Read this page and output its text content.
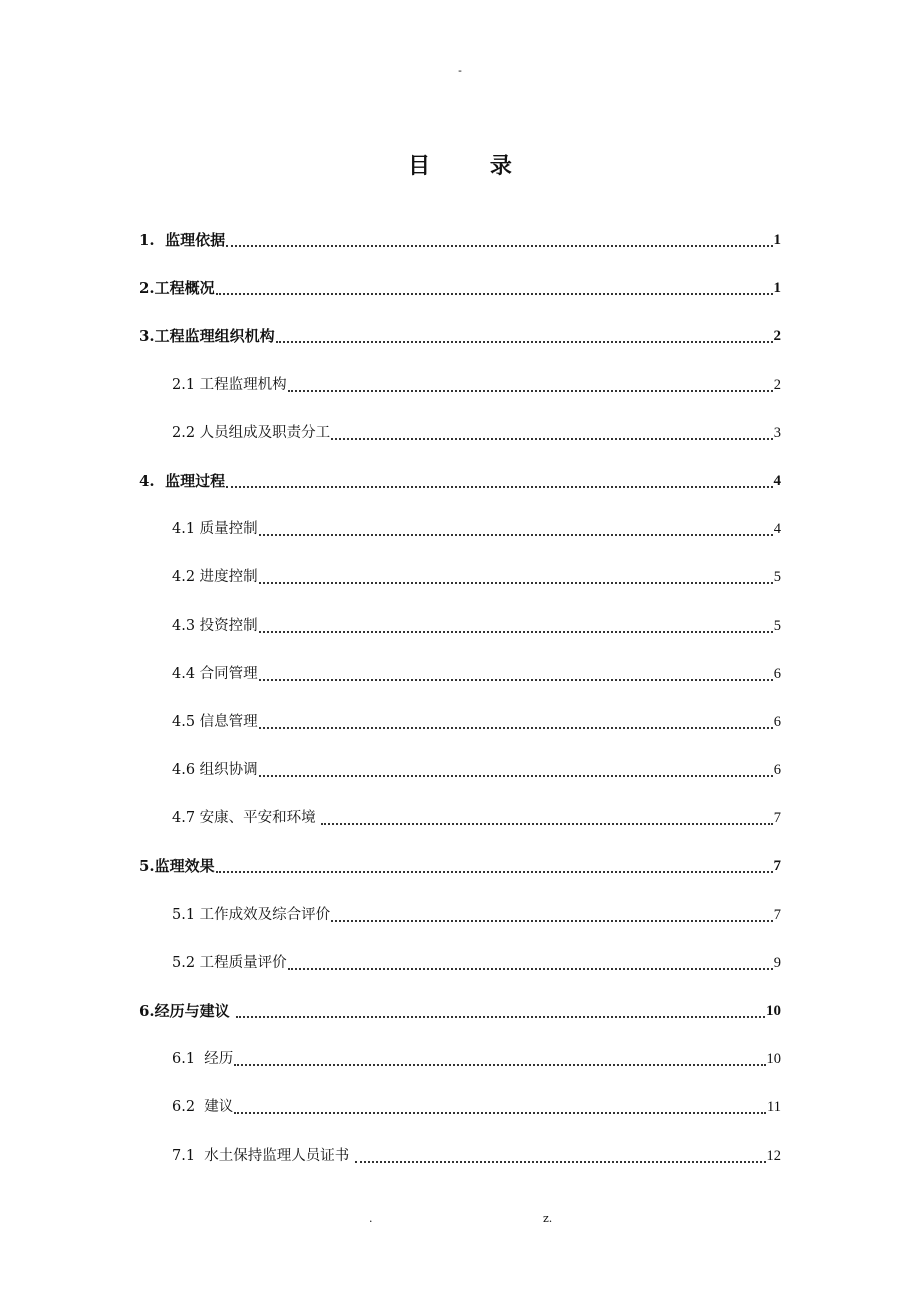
-
目 录
1.  监理依据	1
2.工程概况	1
3.工程监理组织机构	2
2.1 工程监理机构	2
2.2 人员组成及职责分工	3
4.  监理过程	4
4.1 质量控制	4
4.2 进度控制	5
4.3 投资控制	5
4.4 合同管理	6
4.5 信息管理	6
4.6 组织协调	6
4.7 安康、平安和环境	7
5.监理效果	7
5.1 工作成效及综合评价	7
5.2 工程质量评价	9
6.经历与建议	10
6.1  经历	10
6.2  建议	11
7.1  水土保持监理人员证书	12
.	z.
